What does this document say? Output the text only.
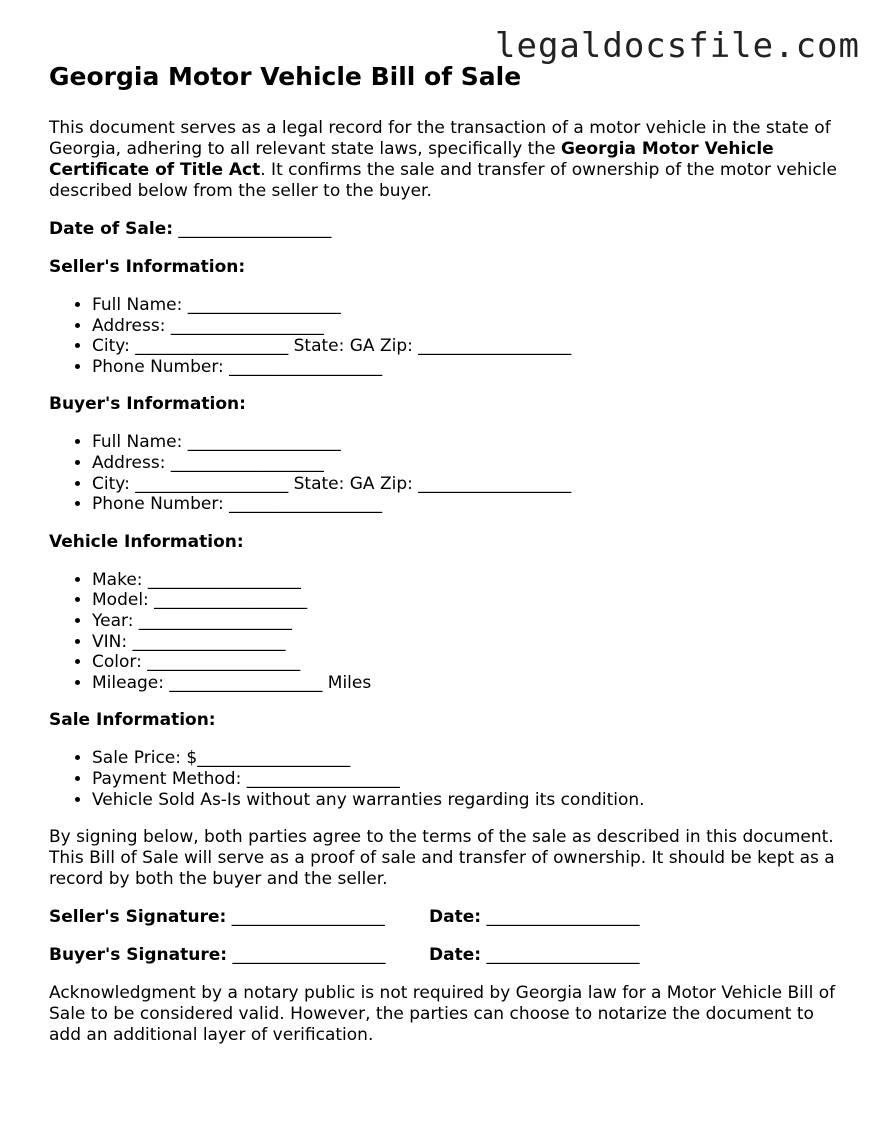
legaldocsfile.com
Georgia Motor Vehicle Bill of Sale

This document serves as a legal record for the transaction of a motor vehicle in the state of Georgia, adhering to all relevant state laws, specifically the Georgia Motor Vehicle Certificate of Title Act. It confirms the sale and transfer of ownership of the motor vehicle described below from the seller to the buyer.

Date of Sale: __________________
Seller's Information:
• Full Name: __________________
• Address: __________________
• City: __________________ State: GA Zip: __________________
• Phone Number: __________________
Buyer's Information:
• Full Name: __________________
• Address: __________________
• City: __________________ State: GA Zip: __________________
• Phone Number: __________________
Vehicle Information:
• Make: __________________
• Model: __________________
• Year: __________________
• VIN: __________________
• Color: __________________
• Mileage: __________________ Miles
Sale Information:
• Sale Price: $__________________
• Payment Method: __________________
• Vehicle Sold As-Is without any warranties regarding its condition.

By signing below, both parties agree to the terms of the sale as described in this document. This Bill of Sale will serve as a proof of sale and transfer of ownership. It should be kept as a record by both the buyer and the seller.

Seller's Signature: __________________	Date: __________________
Buyer's Signature: __________________	Date: __________________

Acknowledgment by a notary public is not required by Georgia law for a Motor Vehicle Bill of Sale to be considered valid. However, the parties can choose to notarize the document to add an additional layer of verification.
